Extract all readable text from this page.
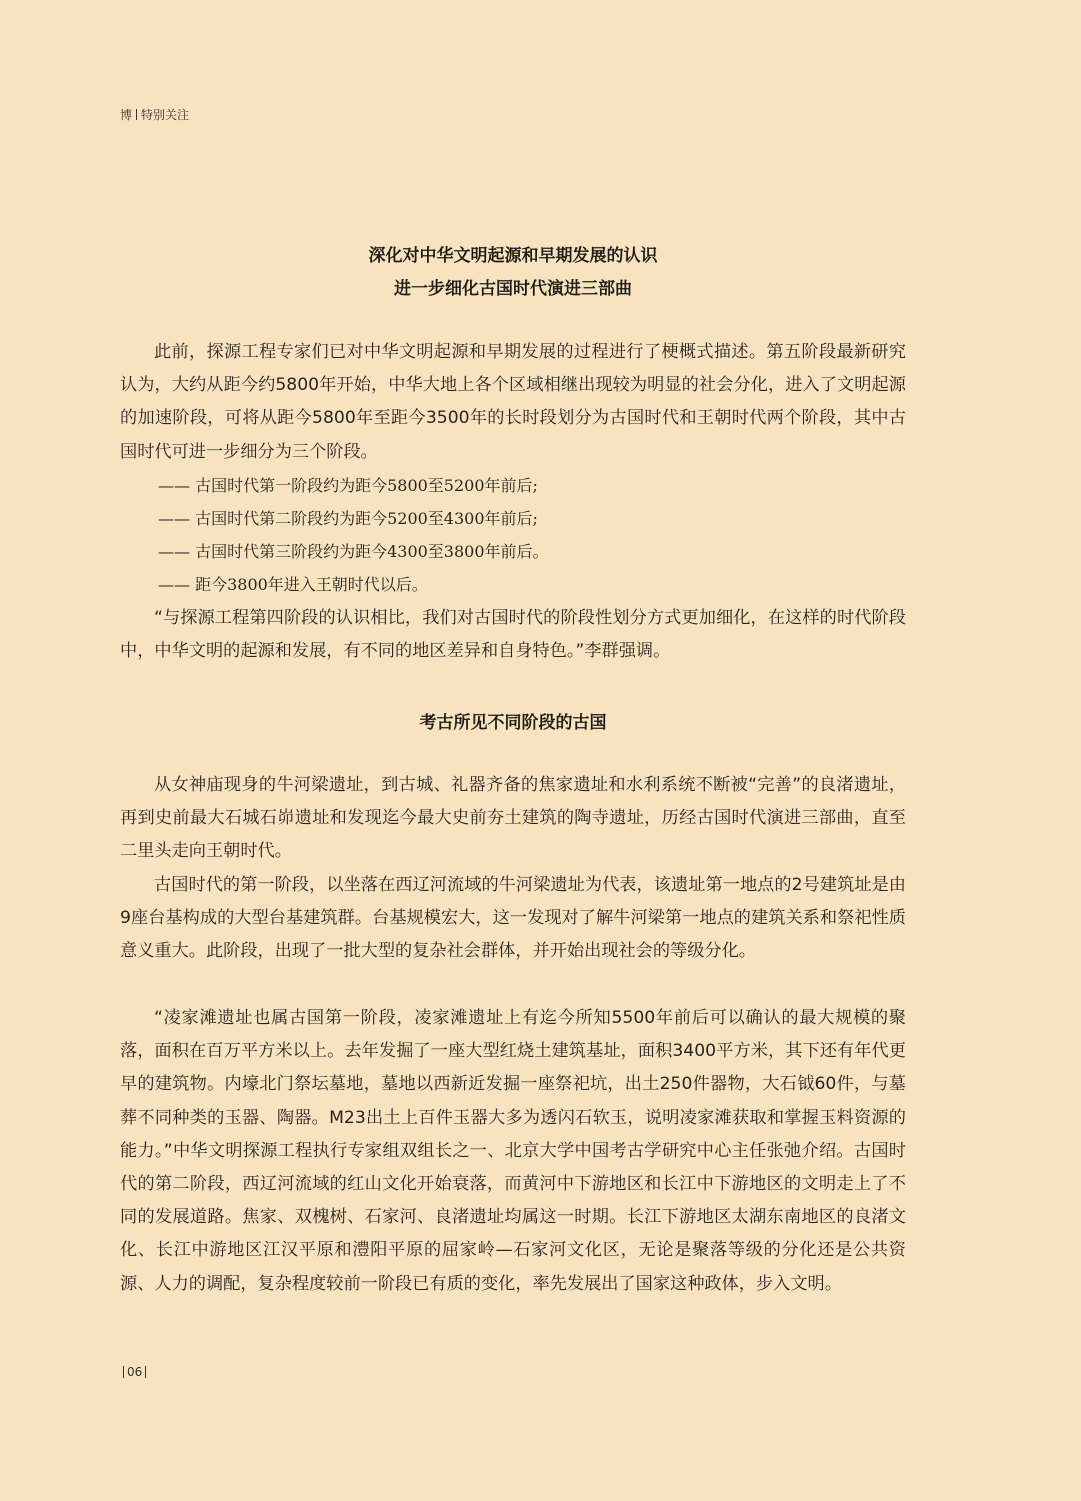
博 特别关注
深化对中华文明起源和早期发展的认识
进一步细化古国时代演进三部曲

此前，探源工程专家们已对中华文明起源和早期发展的过程进行了梗概式描述。第五阶段最新研究认为，大约从距今约5800年开始，中华大地上各个区域相继出现较为明显的社会分化，进入了文明起源的加速阶段，可将从距今5800年至距今3500年的长时段划分为古国时代和王朝时代两个阶段，其中古国时代可进一步细分为三个阶段。

—— 古国时代第一阶段约为距今5800至5200年前后;
—— 古国时代第二阶段约为距今5200至4300年前后;
—— 古国时代第三阶段约为距今4300至3800年前后。
—— 距今3800年进入王朝时代以后。

“与探源工程第四阶段的认识相比，我们对古国时代的阶段性划分方式更加细化，在这样的时代阶段中，中华文明的起源和发展，有不同的地区差异和自身特色。”李群强调。

考古所见不同阶段的古国

从女神庙现身的牛河梁遗址，到古城、礼器齐备的焦家遗址和水利系统不断被“完善”的良渚遗址，再到史前最大石城石峁遗址和发现迄今最大史前夯土建筑的陶寺遗址，历经古国时代演进三部曲，直至二里头走向王朝时代。

古国时代的第一阶段，以坐落在西辽河流域的牛河梁遗址为代表，该遗址第一地点的2号建筑址是由9座台基构成的大型台基建筑群。台基规模宏大，这一发现对了解牛河梁第一地点的建筑关系和祭祀性质意义重大。此阶段，出现了一批大型的复杂社会群体，并开始出现社会的等级分化。

“凌家滩遗址也属古国第一阶段，凌家滩遗址上有迄今所知5500年前后可以确认的最大规模的聚落，面积在百万平方米以上。去年发掘了一座大型红烧土建筑基址，面积3400平方米，其下还有年代更早的建筑物。内壕北门祭坛墓地，墓地以西新近发掘一座祭祀坑，出土250件器物，大石钺60件，与墓葬不同种类的玉器、陶器。M23出土上百件玉器大多为透闪石软玉，说明凌家滩获取和掌握玉料资源的能力。”中华文明探源工程执行专家组双组长之一、北京大学中国考古学研究中心主任张弛介绍。古国时代的第二阶段，西辽河流域的红山文化开始衰落，而黄河中下游地区和长江中下游地区的文明走上了不同的发展道路。焦家、双槐树、石家河、良渚遗址均属这一时期。长江下游地区太湖东南地区的良渚文化、长江中游地区江汉平原和澧阳平原的屈家岭—石家河文化区，无论是聚落等级的分化还是公共资源、人力的调配，复杂程度较前一阶段已有质的变化，率先发展出了国家这种政体，步入文明。

06
